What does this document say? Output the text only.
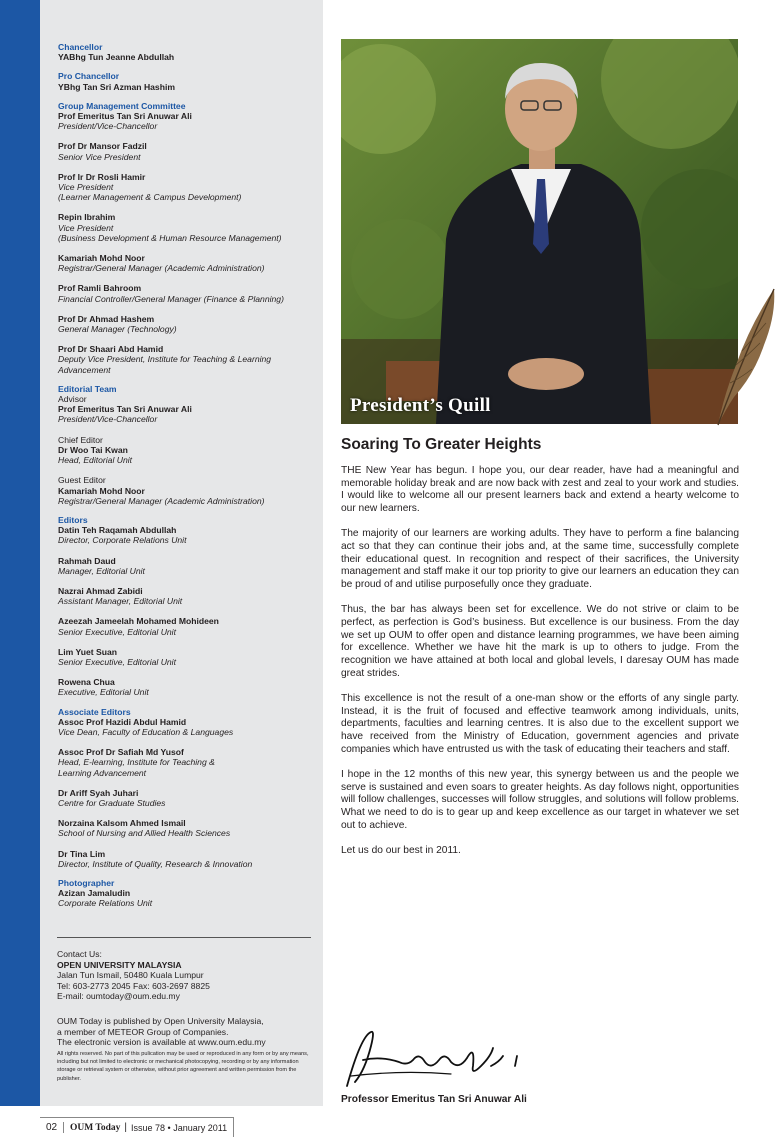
Chancellor
YABhg Tun Jeanne Abdullah
Pro Chancellor
YBhg Tan Sri Azman Hashim
Group Management Committee
Prof Emeritus Tan Sri Anuwar Ali
President/Vice-Chancellor
Prof Dr Mansor Fadzil
Senior Vice President
Prof Ir Dr Rosli Hamir
Vice President
(Learner Management & Campus Development)
Repin Ibrahim
Vice President
(Business Development & Human Resource Management)
Kamariah Mohd Noor
Registrar/General Manager (Academic Administration)
Prof Ramli Bahroom
Financial Controller/General Manager (Finance & Planning)
Prof Dr Ahmad Hashem
General Manager (Technology)
Prof Dr Shaari Abd Hamid
Deputy Vice President, Institute for Teaching & Learning
Advancement
Editorial Team
Advisor
Prof Emeritus Tan Sri Anuwar Ali
President/Vice-Chancellor
Chief Editor
Dr Woo Tai Kwan
Head, Editorial Unit
Guest Editor
Kamariah Mohd Noor
Registrar/General Manager (Academic Administration)
Editors
Datin Teh Raqamah Abdullah
Director, Corporate Relations Unit
Rahmah Daud
Manager, Editorial Unit
Nazrai Ahmad Zabidi
Assistant Manager, Editorial Unit
Azeezah Jameelah Mohamed Mohideen
Senior Executive, Editorial Unit
Lim Yuet Suan
Senior Executive, Editorial Unit
Rowena Chua
Executive, Editorial Unit
Associate Editors
Assoc Prof Hazidi Abdul Hamid
Vice Dean, Faculty of Education & Languages
Assoc Prof Dr Safiah Md Yusof
Head, E-learning, Institute for Teaching &
Learning Advancement
Dr Ariff Syah Juhari
Centre for Graduate Studies
Norzaina Kalsom Ahmed Ismail
School of Nursing and Allied Health Sciences
Dr Tina Lim
Director, Institute of Quality, Research & Innovation
Photographer
Azizan Jamaludin
Corporate Relations Unit
Contact Us:
OPEN UNIVERSITY MALAYSIA
Jalan Tun Ismail, 50480 Kuala Lumpur
Tel: 603-2773 2045 Fax: 603-2697 8825
E-mail: oumtoday@oum.edu.my
OUM Today is published by Open University Malaysia,
a member of METEOR Group of Companies.
The electronic version is available at www.oum.edu.my
All rights reserved. No part of this pulication may be used or reproduced in any form or by any means, including but not limited to electronic or mechanical photocopying, recording or by any information storage or retrieval system or otherwise, without prior agreement and written permission from the publisher.
02	OUM Today | Issue 78 • January 2011
President’s Quill
Soaring To Greater Heights

THE New Year has begun. I hope you, our dear reader, have had a meaningful and memorable holiday break and are now back with zest and zeal to your work and studies. I would like to welcome all our present learners back and extend a hearty welcome to our new learners.

The majority of our learners are working adults. They have to perform a fine balancing act so that they can continue their jobs and, at the same time, successfully complete their educational quest. In recognition and respect of their sacrifices, the University management and staff make it our top priority to give our learners an education they can be proud of and utilise purposefully once they graduate.

Thus, the bar has always been set for excellence. We do not strive or claim to be perfect, as perfection is God’s business. But excellence is our business. From the day we set up OUM to offer open and distance learning programmes, we have been aiming for excellence. Whether we have hit the mark is up to others to judge. From the recognition we have attained at both local and global levels, I daresay OUM has made great strides.

This excellence is not the result of a one-man show or the efforts of any single party. Instead, it is the fruit of focused and effective teamwork among individuals, units, departments, faculties and learning centres. It is also due to the excellent support we have received from the Ministry of Education, government agencies and private companies which have entrusted us with the task of educating their teachers and staff.

I hope in the 12 months of this new year, this synergy between us and the people we serve is sustained and even soars to greater heights. As day follows night, opportunities will follow challenges, successes will follow struggles, and solutions will follow problems. What we need to do is to gear up and keep excellence as our target in whatever we set out to achieve.

Let us do our best in 2011.

Professor Emeritus Tan Sri Anuwar Ali
